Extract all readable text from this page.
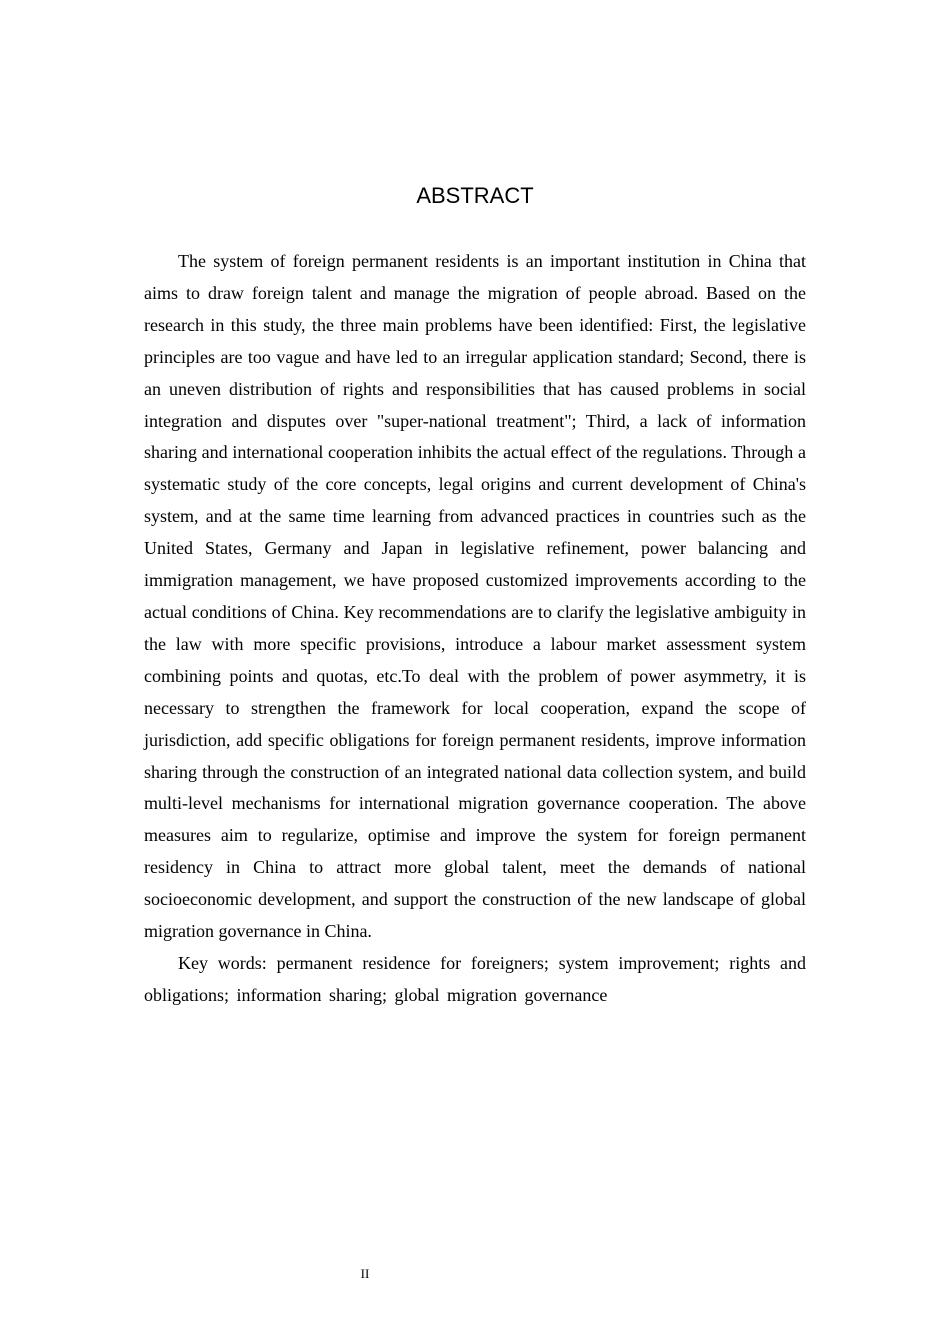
ABSTRACT

The system of foreign permanent residents is an important institution in China that aims to draw foreign talent and manage the migration of people abroad. Based on the research in this study, the three main problems have been identified: First, the legislative principles are too vague and have led to an irregular application standard; Second, there is an uneven distribution of rights and responsibilities that has caused problems in social integration and disputes over "super-national treatment"; Third, a lack of information sharing and international cooperation inhibits the actual effect of the regulations. Through a systematic study of the core concepts, legal origins and current development of China's system, and at the same time learning from advanced practices in countries such as the United States, Germany and Japan in legislative refinement, power balancing and immigration management, we have proposed customized improvements according to the actual conditions of China. Key recommendations are to clarify the legislative ambiguity in the law with more specific provisions, introduce a labour market assessment system combining points and quotas, etc.To deal with the problem of power asymmetry, it is necessary to strengthen the framework for local cooperation, expand the scope of jurisdiction, add specific obligations for foreign permanent residents, improve information sharing through the construction of an integrated national data collection system, and build multi-level mechanisms for international migration governance cooperation. The above measures aim to regularize, optimise and improve the system for foreign permanent residency in China to attract more global talent, meet the demands of national socioeconomic development, and support the construction of the new landscape of global migration governance in China.

Key words: permanent residence for foreigners; system improvement; rights and obligations; information sharing; global migration governance

II
